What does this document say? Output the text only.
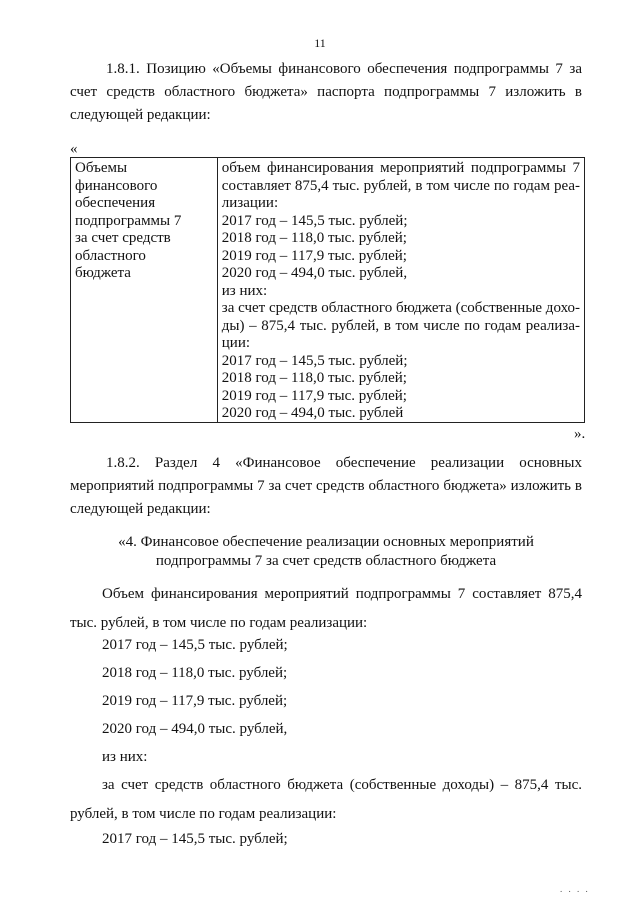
11

1.8.1. Позицию «Объемы финансового обеспечения подпрограммы 7 за счет средств областного бюджета» паспорта подпрограммы 7 изложить в следующей редакции:

«
Объемы
финансового
обеспечения
подпрограммы 7
за счет средств
областного
бюджета
объем финансирования мероприятий подпрограммы 7
составляет 875,4 тыс. рублей, в том числе по годам реа-
лизации:
2017 год – 145,5 тыс. рублей;
2018 год – 118,0 тыс. рублей;
2019 год – 117,9 тыс. рублей;
2020 год – 494,0 тыс. рублей,
из них:
за счет средств областного бюджета (собственные дохо-
ды) – 875,4 тыс. рублей, в том числе по годам реализа-
ции:
2017 год – 145,5 тыс. рублей;
2018 год – 118,0 тыс. рублей;
2019 год – 117,9 тыс. рублей;
2020 год – 494,0 тыс. рублей
».

1.8.2. Раздел 4 «Финансовое обеспечение реализации основных мероприятий подпрограммы 7 за счет средств областного бюджета» изложить в следующей редакции:

«4. Финансовое обеспечение реализации основных мероприятий
подпрограммы 7 за счет средств областного бюджета

Объем финансирования мероприятий подпрограммы 7 составляет 875,4 тыс. рублей, в том числе по годам реализации:

2017 год – 145,5 тыс. рублей;
2018 год – 118,0 тыс. рублей;
2019 год – 117,9 тыс. рублей;
2020 год – 494,0 тыс. рублей,
из них:

за счет средств областного бюджета (собственные доходы) – 875,4 тыс. рублей, в том числе по годам реализации:

2017 год – 145,5 тыс. рублей;
. . . .
